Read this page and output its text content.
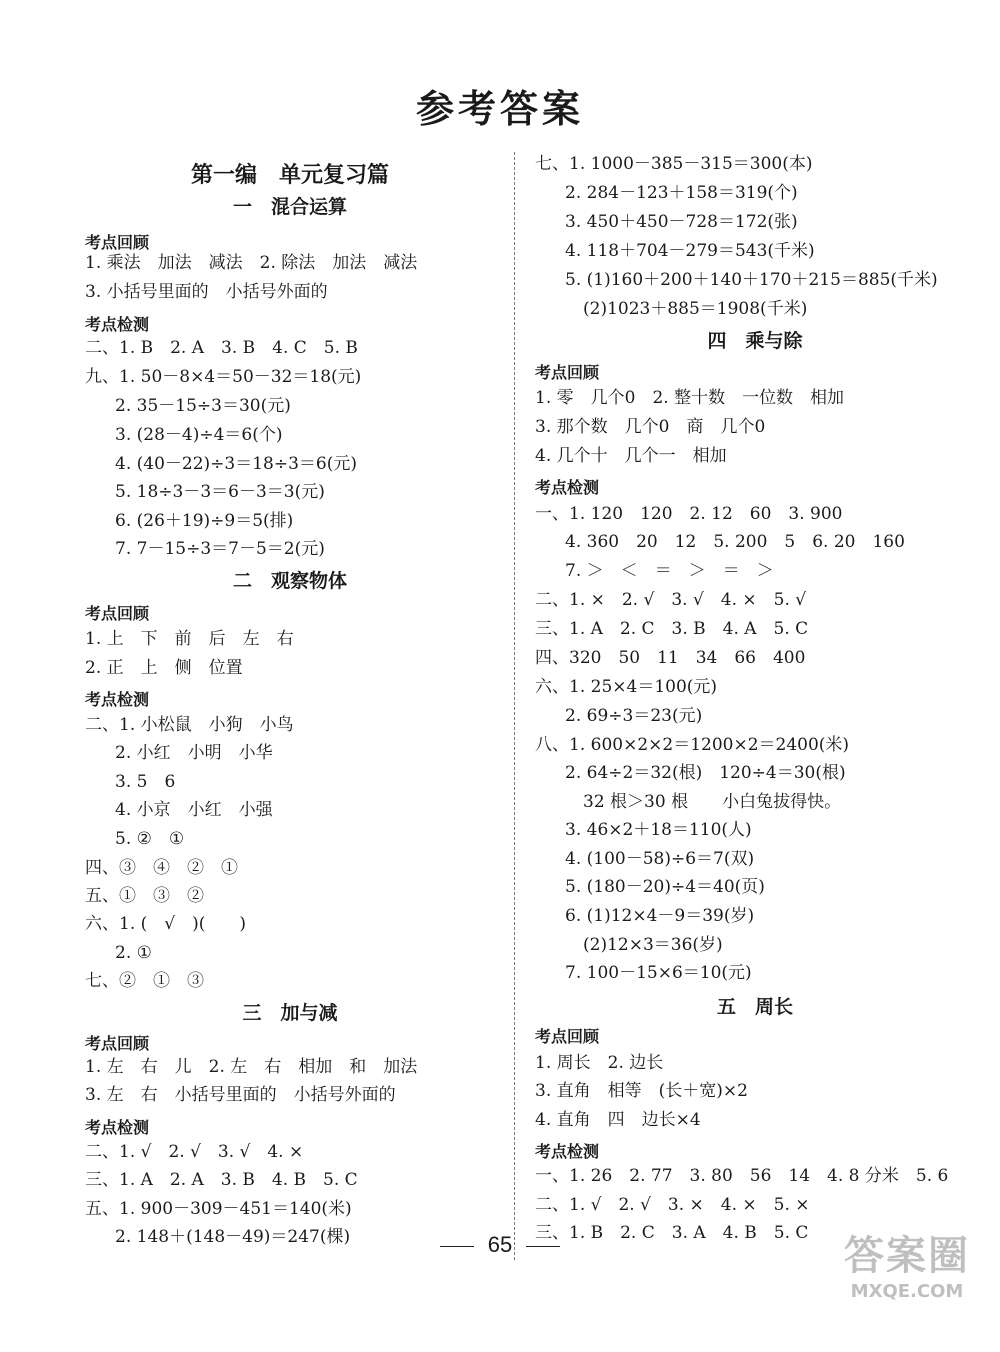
参考答案
第一编　单元复习篇
一　混合运算
考点回顾
1. 乘法　加法　减法　2. 除法　加法　减法
3. 小括号里面的　小括号外面的
考点检测
二、1. B　2. A　3. B　4. C　5. B
九、1. 50－8×4＝50－32＝18(元)
2. 35－15÷3＝30(元)
3. (28－4)÷4＝6(个)
4. (40－22)÷3＝18÷3＝6(元)
5. 18÷3－3＝6－3＝3(元)
6. (26＋19)÷9＝5(排)
7. 7－15÷3＝7－5＝2(元)
二　观察物体
考点回顾
1. 上　下　前　后　左　右
2. 正　上　侧　位置
考点检测
二、1. 小松鼠　小狗　小鸟
2. 小红　小明　小华
3. 5　6
4. 小京　小红　小强
5. ②　①
四、③　④　②　①
五、①　③　②
六、1. (　√　)(　　)
2. ①
七、②　①　③
三　加与减
考点回顾
1. 左　右　儿　2. 左　右　相加　和　加法
3. 左　右　小括号里面的　小括号外面的
考点检测
二、1. √　2. √　3. √　4. ×
三、1. A　2. A　3. B　4. B　5. C
五、1. 900－309－451＝140(米)
2. 148＋(148－49)＝247(棵)
七、1. 1000－385－315＝300(本)
2. 284－123＋158＝319(个)
3. 450＋450－728＝172(张)
4. 118＋704－279＝543(千米)
5. (1)160＋200＋140＋170＋215＝885(千米)
(2)1023＋885＝1908(千米)
四　乘与除
考点回顾
1. 零　几个0　2. 整十数　一位数　相加
3. 那个数　几个0　商　几个0
4. 几个十　几个一　相加
考点检测
一、1. 120　120　2. 12　60　3. 900
4. 360　20　12　5. 200　5　6. 20　160
7. ＞　＜　＝　＞　＝　＞
二、1. ×　2. √　3. √　4. ×　5. √
三、1. A　2. C　3. B　4. A　5. C
四、320　50　11　34　66　400
六、1. 25×4＝100(元)
2. 69÷3＝23(元)
八、1. 600×2×2＝1200×2＝2400(米)
2. 64÷2＝32(根)　120÷4＝30(根)
32 根＞30 根　　小白兔拔得快。
3. 46×2＋18＝110(人)
4. (100－58)÷6＝7(双)
5. (180－20)÷4＝40(页)
6. (1)12×4－9＝39(岁)
(2)12×3＝36(岁)
7. 100－15×6＝10(元)
五　周长
考点回顾
1. 周长　2. 边长
3. 直角　相等　(长＋宽)×2
4. 直角　四　边长×4
考点检测
一、1. 26　2. 77　3. 80　56　14　4. 8 分米　5. 6
二、1. √　2. √　3. ×　4. ×　5. ×
三、1. B　2. C　3. A　4. B　5. C
65	答案圈
MXQE.COM
